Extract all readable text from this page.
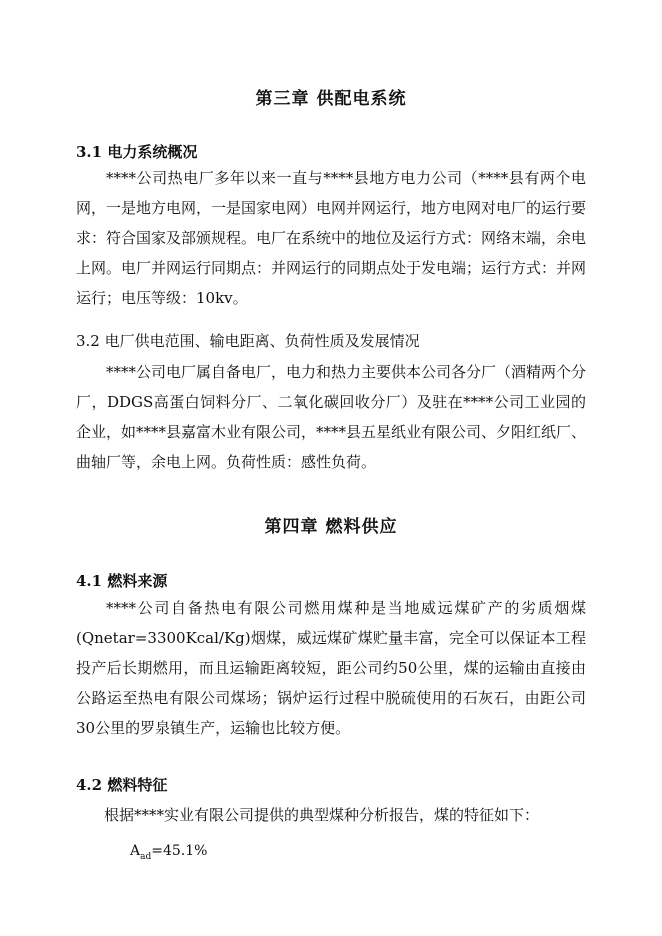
第三章 供配电系统
3.1 电力系统概况
****公司热电厂多年以来一直与****县地方电力公司（****县有两个电网，一是地方电网，一是国家电网）电网并网运行，地方电网对电厂的运行要求：符合国家及部颁规程。电厂在系统中的地位及运行方式：网络末端，余电上网。电厂并网运行同期点：并网运行的同期点处于发电端；运行方式：并网运行；电压等级：10kv。
3.2 电厂供电范围、输电距离、负荷性质及发展情况
****公司电厂属自备电厂，电力和热力主要供本公司各分厂（酒精两个分厂，DDGS高蛋白饲料分厂、二氧化碳回收分厂）及驻在****公司工业园的企业，如****县嘉富木业有限公司，****县五星纸业有限公司、夕阳红纸厂、曲轴厂等，余电上网。负荷性质：感性负荷。
第四章 燃料供应
4.1 燃料来源
****公司自备热电有限公司燃用煤种是当地威远煤矿产的劣质烟煤(Qnetar=3300Kcal/Kg)烟煤，威远煤矿煤贮量丰富，完全可以保证本工程投产后长期燃用，而且运输距离较短，距公司约50公里，煤的运输由直接由公路运至热电有限公司煤场；锅炉运行过程中脱硫使用的石灰石，由距公司 30公里的罗泉镇生产，运输也比较方便。
4.2 燃料特征
根据****实业有限公司提供的典型煤种分析报告，煤的特征如下：
$A_{ad}=45.1\%$
